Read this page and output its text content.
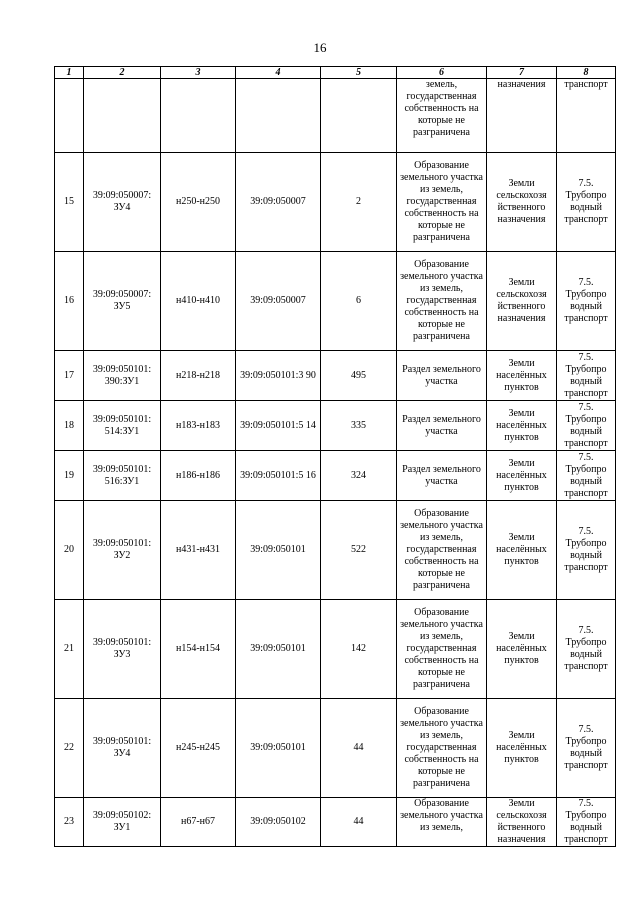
16
1	2	3	4	5	6	7	8
					земель, государственная собственность на которые не разграничена	назначения	транспорт
15	39:09:050007: ЗУ4	н250-н250	39:09:050007	2	Образование земельного участка из земель, государственная собственность на которые не разграничена	Земли сельскохозя йственного назначения	7.5. Трубопро водный транспорт
16	39:09:050007: ЗУ5	н410-н410	39:09:050007	6	Образование земельного участка из земель, государственная собственность на которые не разграничена	Земли сельскохозя йственного назначения	7.5. Трубопро водный транспорт
17	39:09:050101: 390:ЗУ1	н218-н218	39:09:050101:3 90	495	Раздел земельного участка	Земли населённых пунктов	7.5. Трубопро водный транспорт
18	39:09:050101: 514:ЗУ1	н183-н183	39:09:050101:5 14	335	Раздел земельного участка	Земли населённых пунктов	7.5. Трубопро водный транспорт
19	39:09:050101: 516:ЗУ1	н186-н186	39:09:050101:5 16	324	Раздел земельного участка	Земли населённых пунктов	7.5. Трубопро водный транспорт
20	39:09:050101: ЗУ2	н431-н431	39:09:050101	522	Образование земельного участка из земель, государственная собственность на которые не разграничена	Земли населённых пунктов	7.5. Трубопро водный транспорт
21	39:09:050101: ЗУ3	н154-н154	39:09:050101	142	Образование земельного участка из земель, государственная собственность на которые не разграничена	Земли населённых пунктов	7.5. Трубопро водный транспорт
22	39:09:050101: ЗУ4	н245-н245	39:09:050101	44	Образование земельного участка из земель, государственная собственность на которые не разграничена	Земли населённых пунктов	7.5. Трубопро водный транспорт
23	39:09:050102: ЗУ1	н67-н67	39:09:050102	44	Образование земельного участка из земель,	Земли сельскохозя йственного назначения	7.5. Трубопро водный транспорт
